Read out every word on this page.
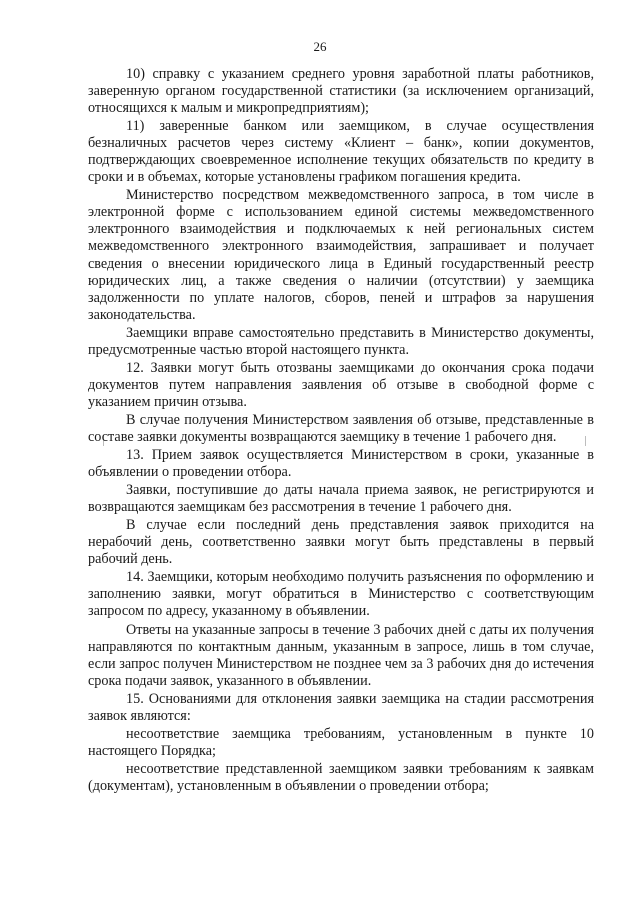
26

10) справку с указанием среднего уровня заработной платы работников, заверенную органом государственной статистики (за исключением организаций, относящихся к малым и микропредприятиям);

11) заверенные банком или заемщиком, в случае осуществления безналичных расчетов через систему «Клиент – банк», копии документов, подтверждающих своевременное исполнение текущих обязательств по кредиту в сроки и в объемах, которые установлены графиком погашения кредита.

Министерство посредством межведомственного запроса, в том числе в электронной форме с использованием единой системы межведомственного электронного взаимодействия и подключаемых к ней региональных систем межведомственного электронного взаимодействия, запрашивает и получает сведения о внесении юридического лица в Единый государственный реестр юридических лиц, а также сведения о наличии (отсутствии) у заемщика задолженности по уплате налогов, сборов, пеней и штрафов за нарушения законодательства.

Заемщики вправе самостоятельно представить в Министерство документы, предусмотренные частью второй настоящего пункта.

12. Заявки могут быть отозваны заемщиками до окончания срока подачи документов путем направления заявления об отзыве в свободной форме с указанием причин отзыва.

В случае получения Министерством заявления об отзыве, представленные в составе заявки документы возвращаются заемщику в течение 1 рабочего дня.

13. Прием заявок осуществляется Министерством в сроки, указанные в объявлении о проведении отбора.

Заявки, поступившие до даты начала приема заявок, не регистрируются и возвращаются заемщикам без рассмотрения в течение 1 рабочего дня.

В случае если последний день представления заявок приходится на нерабочий день, соответственно заявки могут быть представлены в первый рабочий день.

14. Заемщики, которым необходимо получить разъяснения по оформлению и заполнению заявки, могут обратиться в Министерство с соответствующим запросом по адресу, указанному в объявлении.

Ответы на указанные запросы в течение 3 рабочих дней с даты их получения направляются по контактным данным, указанным в запросе, лишь в том случае, если запрос получен Министерством не позднее чем за 3 рабочих дня до истечения срока подачи заявок, указанного в объявлении.

15. Основаниями для отклонения заявки заемщика на стадии рассмотрения заявок являются:

несоответствие заемщика требованиям, установленным в пункте 10 настоящего Порядка;

несоответствие представленной заемщиком заявки требованиям к заявкам (документам), установленным в объявлении о проведении отбора;
